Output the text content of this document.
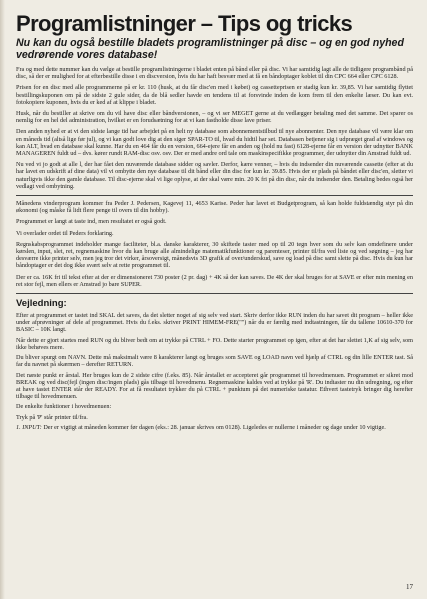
Programlistninger – Tips og tricks
Nu kan du også bestille bladets programlistninger på disc – og en god nyhed vedrørende vores database!

Fra og med dette nummer kan du vælge at bestille programlistningerne i bladet enten på bånd eller på disc. Vi har samtidig lagt alle de tidligere programbånd på disc, så der er mulighed for at efterbestille disse i en discversion, hvis du har haft besvær med at få en båndoptager koblet til din CPC 664 eller CPC 6128.

Prisen for en disc med alle programmerne på er kr. 110 (husk, at du får disc'en med i købet) og cassetteprisen er stadig kun kr. 39,85. Vi har samtidig flyttet bestillingskuponen om på de sidste 2 gule sider, da de blå sedler havde en tendens til at forsvinde inden de kom frem til den enkelte læser. Du kan evt. fotokopiere kuponen, hvis du er ked af at klippe i bladet.

Husk, når du bestiller at skrive om du vil have disc eller båndversionen, – og vi ser MEGET gerne at du vedlægger betaling med det samme. Det sparer os nemlig for en hel del administration, hvilket er en forudsætning for at vi kan fastholde disse lave priser.

Den anden nyhed er at vi den sidste lange tid har arbejdet på en helt ny database som abonnementstilbud til nye abonnenter. Den nye database vil være klar om en måneds tid (altså lige før jul), og vi kan godt love dig at den siger SPAR-TO til, hvad du hidtil har set. Databasen betjener sig i udpræget grad af windows og kan ALT, hvad en database skal kunne. Har du en 464 får du en version, 664-ejere får en anden og (hold nu fast) 6128-ejerne får en version der udnytter BANK MANAGEREN fuldt ud – dvs. kører rundt RAM-disc osv. osv. Der er med andre ord tale om maskinspecifikke programmer, der udnytter din Amstrad fuldt ud.

Nu ved vi jo godt at alle l, der har fået den nuværende database sidder og savler. Derfor, kære venner, – hvis du indsender din nuværende cassette (efter at du har lavet en udskrift af dine data) vil vi ombytte den nye database til dit bånd eller din disc for kun kr. 39.85. Hvis der er plads på båndet eller disc'en, sletter vi naturligvis ikke den gamle database. Til disc-ejerne skal vi lige oplyse, at der skal være min. 20 K fri på din disc, når du indsender den. Betaling bedes også her vedlagt ved ombytning.

Månedens vinderprogram kommer fra Peder J. Pedersen, Kagevej 11, 4653 Karise. Peder har lavet et Budgetprogram, så kan holde fuldstændig styr på din økonomi (og måske få lidt flere penge til overs til din hobby).

Programmet er langt at taste ind, men resultatet er også godt.

Vi overlader ordet til Peders forklaring.

Regnskabsprogrammet indeholder mange faciliteter, bl.a. danske karakterer, 30 skiftede taster med op til 20 tegn hver som du selv kan omdefinere under kørslen, input, slet, ret, regnemaskine hvor du kan bruge alle almindelige matematikfunktioner og parenteser, printer til/fra ved liste og ved søgning – jeg har desværre ikke printer selv, men jeg tror det virker, årsoversigt, månedsvis 3D grafik af over/underskud, save og load på disc samt slette på disc. Hvis du kun har båndoptager er det dog ikke svært selv at rette programmet til.

Der er ca. 16K fri til tekst efter at der er dimensioneret 730 poster (2 pr. dag) + 4K så der kan saves. De 4K der skal bruges for at SAVE er efter min mening en ret stor fejl, men ellers er Amstrad jo bare SUPER.

Vejledning:

Efter at programmet er tastet ind SKAL det saves, da det sletter noget af sig selv ved start. Skriv derfor ikke RUN inden du har savet dit program – heller ikke under afprøvninger af dele af programmet. Hvis du f.eks. skriver PRINT HIMEM-FRE("") når du er færdig med indtastningen, får du tallene 10610-370 for BASIC – 10K langt.

Når dette er gjort startes med RUN og du bliver bedt om at trykke på CTRL + FO. Dette starter programmet op igen, efter at det har slettet 1,K af sig selv, som ikke behøves mere.

Du bliver spurgt om NAVN. Dette må maksimalt være 8 karakterer langt og bruges som SAVE og LOAD navn ved hjælp af CTRL og din lille ENTER tast. Så far du navnet på skærmen – derefter RETURN.

Det næste punkt er årstal. Her bruges kun de 2 sidste cifre (f.eks. 85). Når årstallet er accepteret går programmet til hovedmenuen. Programmet er sikret mod BREAK og ved disc(fejl (ingen disc/ingen plads) gås tilbage til hovedmenu. Regnemaskine kaldes ved at trykke på 'R'. Du indtaster nu din udregning, og efter at have tastet ENTER står der READY. For at få resultatet trykker du på CTRL + punktum på det numeriske tastatur. Ethvert tastetryk bringer dig herefter tilbage til hovedmenuen.

De enkelte funktioner i hovedmenuen:

Tryk på 'P' står printer til/fra.

1. INPUT: Der er vigtigt at måneden kommer før dagen (eks.: 28. januar skrives om 0128). Ligeledes er nullerne i måneder og dage under 10 vigtige.

17
